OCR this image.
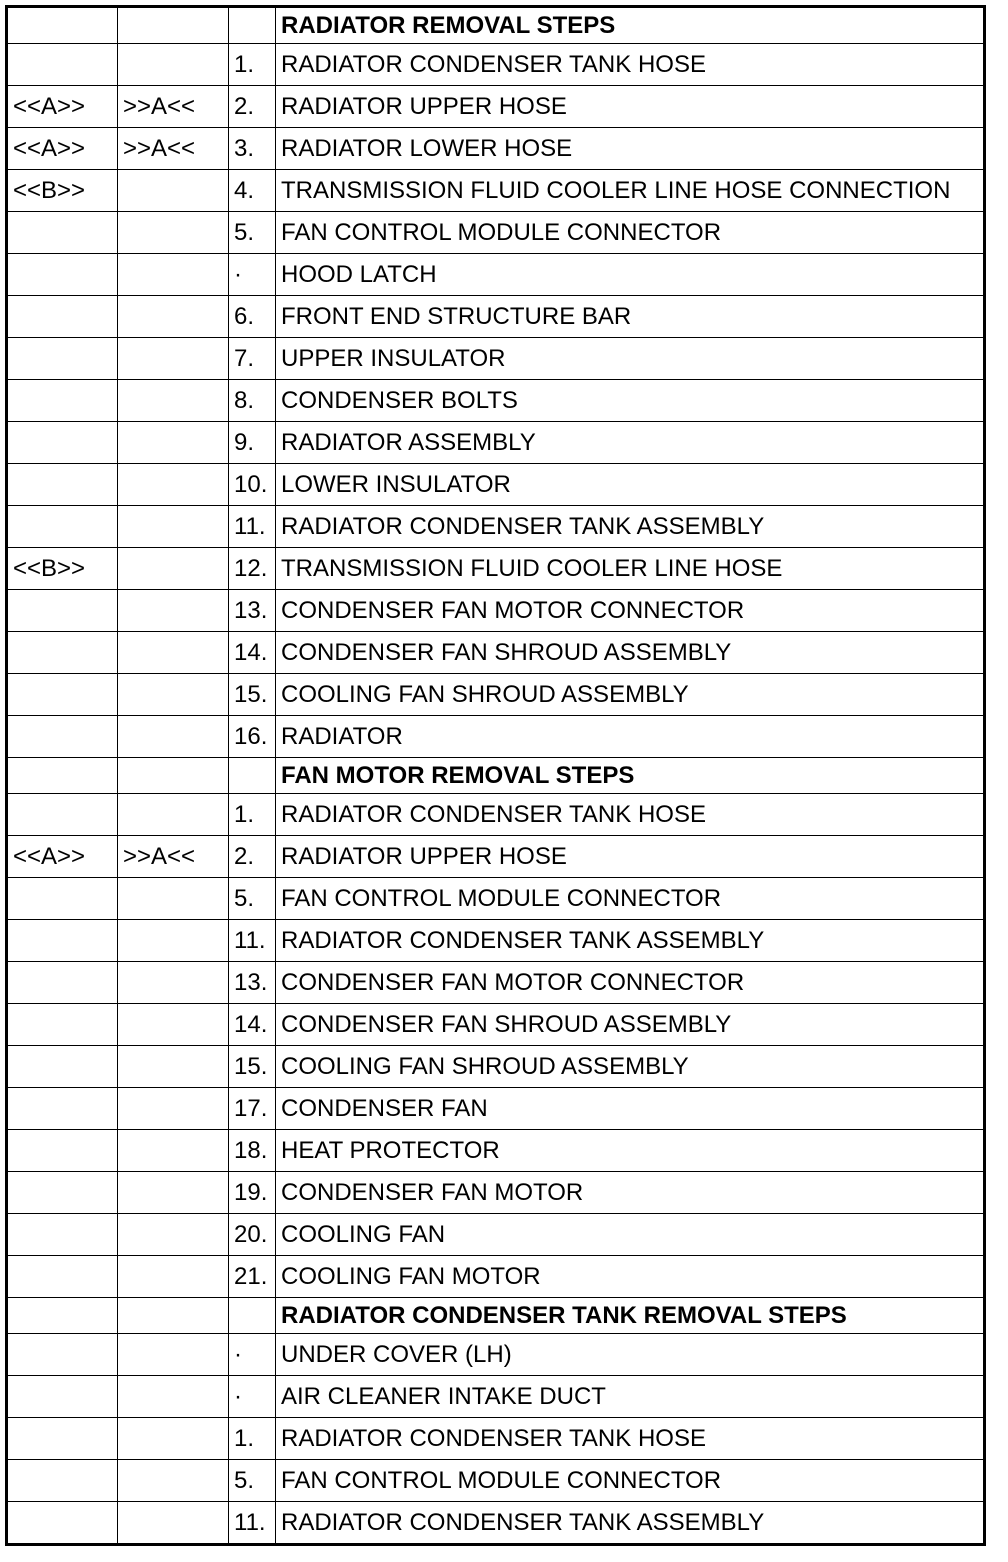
			RADIATOR REMOVAL STEPS
		1.	RADIATOR CONDENSER TANK HOSE
<<A>>	>>A<<	2.	RADIATOR UPPER HOSE
<<A>>	>>A<<	3.	RADIATOR LOWER HOSE
<<B>>		4.	TRANSMISSION FLUID COOLER LINE HOSE CONNECTION
		5.	FAN CONTROL MODULE CONNECTOR
		·	HOOD LATCH
		6.	FRONT END STRUCTURE BAR
		7.	UPPER INSULATOR
		8.	CONDENSER BOLTS
		9.	RADIATOR ASSEMBLY
		10.	LOWER INSULATOR
		11.	RADIATOR CONDENSER TANK ASSEMBLY
<<B>>		12.	TRANSMISSION FLUID COOLER LINE HOSE
		13.	CONDENSER FAN MOTOR CONNECTOR
		14.	CONDENSER FAN SHROUD ASSEMBLY
		15.	COOLING FAN SHROUD ASSEMBLY
		16.	RADIATOR
			FAN MOTOR REMOVAL STEPS
		1.	RADIATOR CONDENSER TANK HOSE
<<A>>	>>A<<	2.	RADIATOR UPPER HOSE
		5.	FAN CONTROL MODULE CONNECTOR
		11.	RADIATOR CONDENSER TANK ASSEMBLY
		13.	CONDENSER FAN MOTOR CONNECTOR
		14.	CONDENSER FAN SHROUD ASSEMBLY
		15.	COOLING FAN SHROUD ASSEMBLY
		17.	CONDENSER FAN
		18.	HEAT PROTECTOR
		19.	CONDENSER FAN MOTOR
		20.	COOLING FAN
		21.	COOLING FAN MOTOR
			RADIATOR CONDENSER TANK REMOVAL STEPS
		·	UNDER COVER (LH)
		·	AIR CLEANER INTAKE DUCT
		1.	RADIATOR CONDENSER TANK HOSE
		5.	FAN CONTROL MODULE CONNECTOR
		11.	RADIATOR CONDENSER TANK ASSEMBLY
